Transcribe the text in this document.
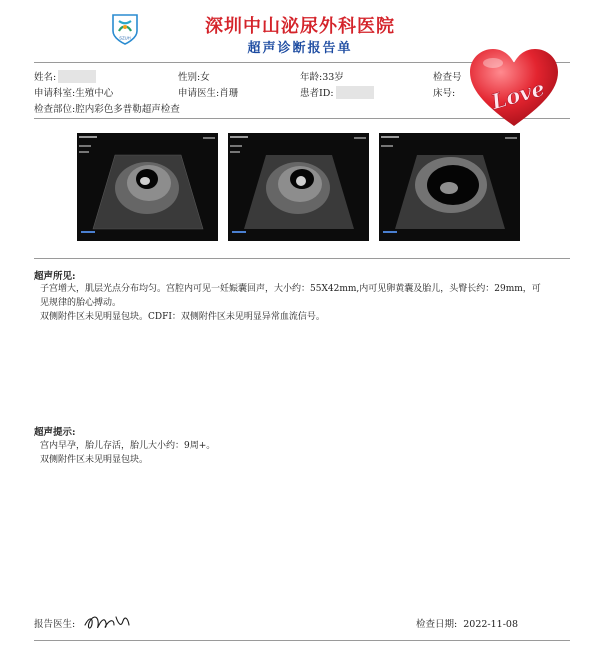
SZUH
深圳中山泌尿外科医院
超声诊断报告单
姓名:	性别:女	年龄:33岁	检查号
申请科室:生殖中心	申请医生:肖珊	患者ID:	床号:
检查部位:腔内彩色多普勒超声检查	Love
超声所见:
子宫增大，肌层光点分布均匀。宫腔内可见一妊娠囊回声，大小约：55X42mm,内可见卵黄囊及胎儿，头臀长约：29mm，可
见规律的胎心搏动。
双侧附件区未见明显包块。CDFI：双侧附件区未见明显异常血流信号。
超声提示:
宫内早孕，胎儿存活，胎儿大小约：9周+。
双侧附件区未见明显包块。
报告医生:	检查日期: 2022-11-08
